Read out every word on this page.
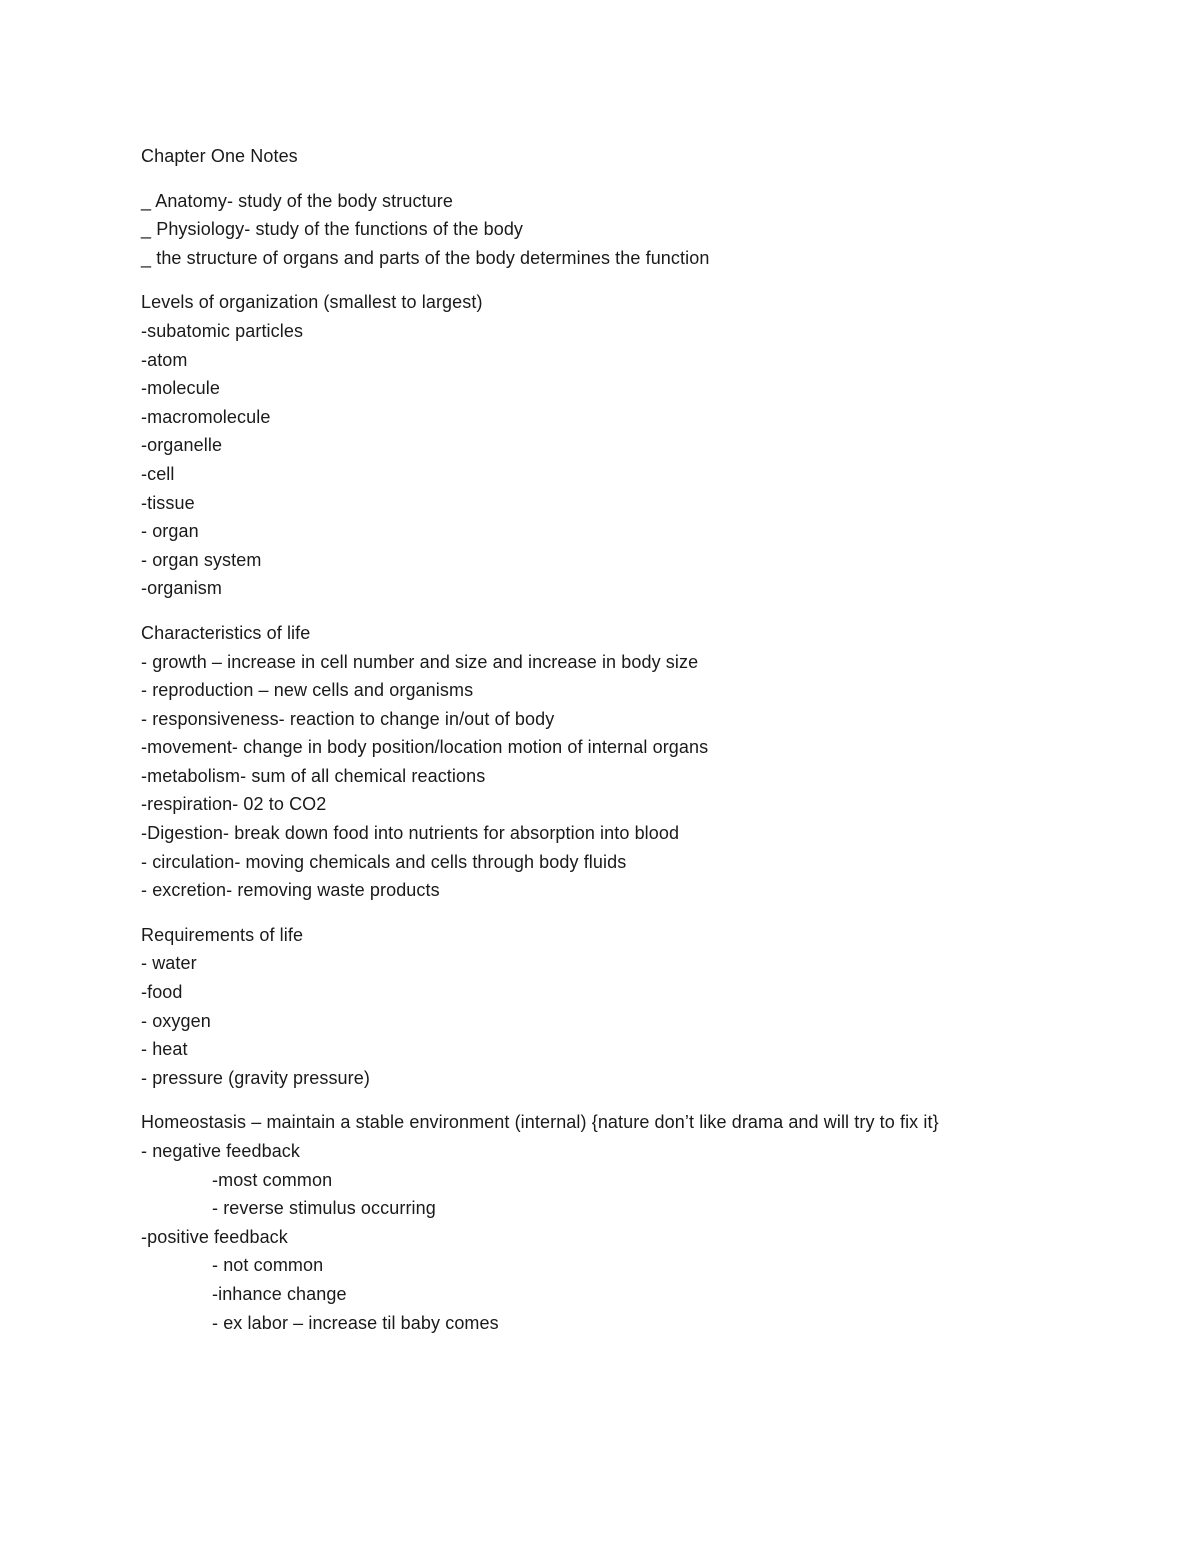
Chapter One Notes
_ Anatomy- study of the body structure
_ Physiology- study of the functions of the body
_ the structure of organs and parts of the body determines the function
Levels of organization (smallest to largest)
-subatomic particles
-atom
-molecule
-macromolecule
-organelle
-cell
-tissue
- organ
- organ system
-organism
Characteristics of life
- growth – increase in cell number and size and increase in body size
- reproduction – new cells and organisms
- responsiveness- reaction to change in/out of body
-movement- change in body position/location motion of internal organs
-metabolism- sum of all chemical reactions
-respiration- 02 to CO2
-Digestion- break down food into nutrients for absorption into blood
- circulation- moving chemicals and cells through body fluids
- excretion- removing waste products
Requirements of life
- water
-food
- oxygen
- heat
- pressure (gravity pressure)
Homeostasis – maintain a stable environment (internal) {nature don’t like drama and will try to fix it}
- negative feedback
-most common
- reverse stimulus occurring
-positive feedback
- not common
-inhance change
- ex labor – increase til baby comes
